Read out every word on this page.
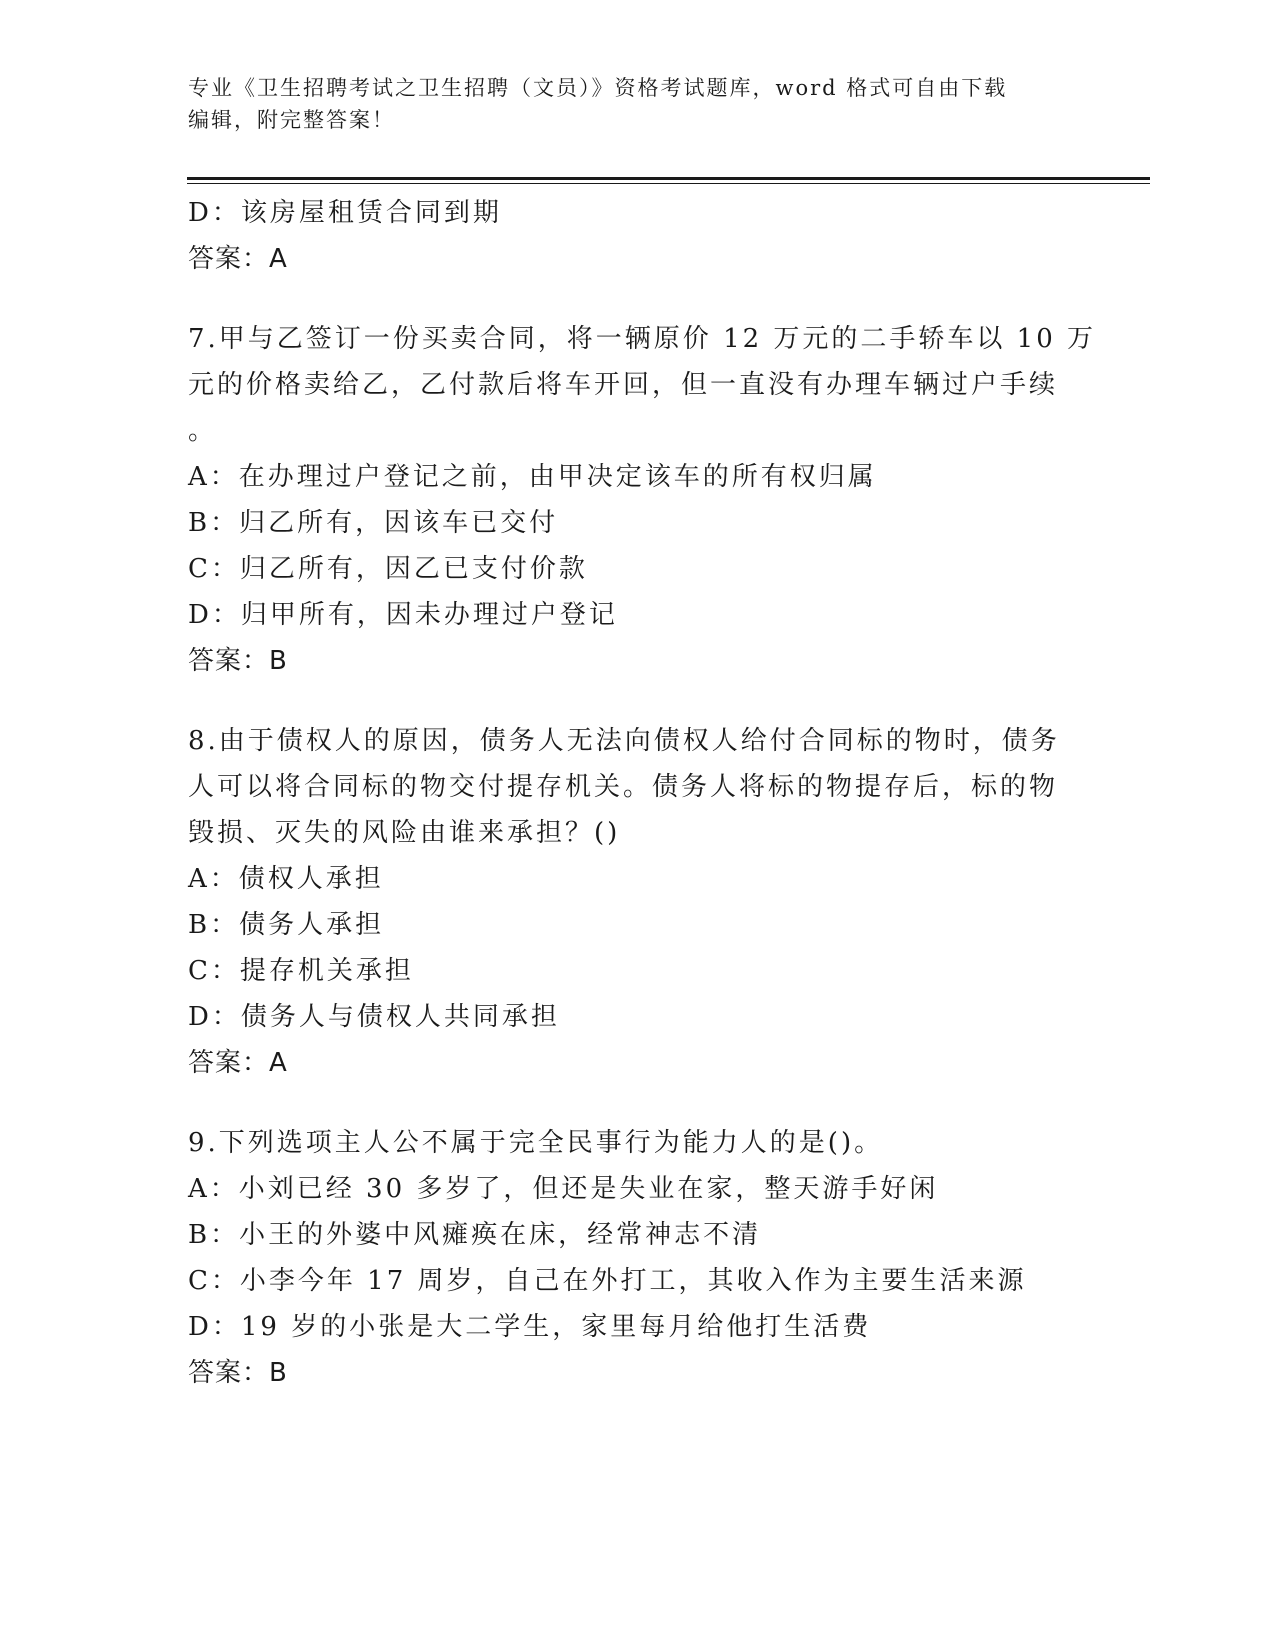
专业《卫生招聘考试之卫生招聘（文员）》资格考试题库，word 格式可自由下载
编辑，附完整答案！
D：该房屋租赁合同到期
答案：A
7.甲与乙签订一份买卖合同，将一辆原价 12 万元的二手轿车以 10 万
元的价格卖给乙，乙付款后将车开回，但一直没有办理车辆过户手续
。
A：在办理过户登记之前，由甲决定该车的所有权归属
B：归乙所有，因该车已交付
C：归乙所有，因乙已支付价款
D：归甲所有，因未办理过户登记
答案：B
8.由于债权人的原因，债务人无法向债权人给付合同标的物时，债务
人可以将合同标的物交付提存机关。债务人将标的物提存后，标的物
毁损、灭失的风险由谁来承担？()
A：债权人承担
B：债务人承担
C：提存机关承担
D：债务人与债权人共同承担
答案：A
9.下列选项主人公不属于完全民事行为能力人的是()。
A：小刘已经 30 多岁了，但还是失业在家，整天游手好闲
B：小王的外婆中风瘫痪在床，经常神志不清
C：小李今年 17 周岁，自己在外打工，其收入作为主要生活来源
D：19 岁的小张是大二学生，家里每月给他打生活费
答案：B
